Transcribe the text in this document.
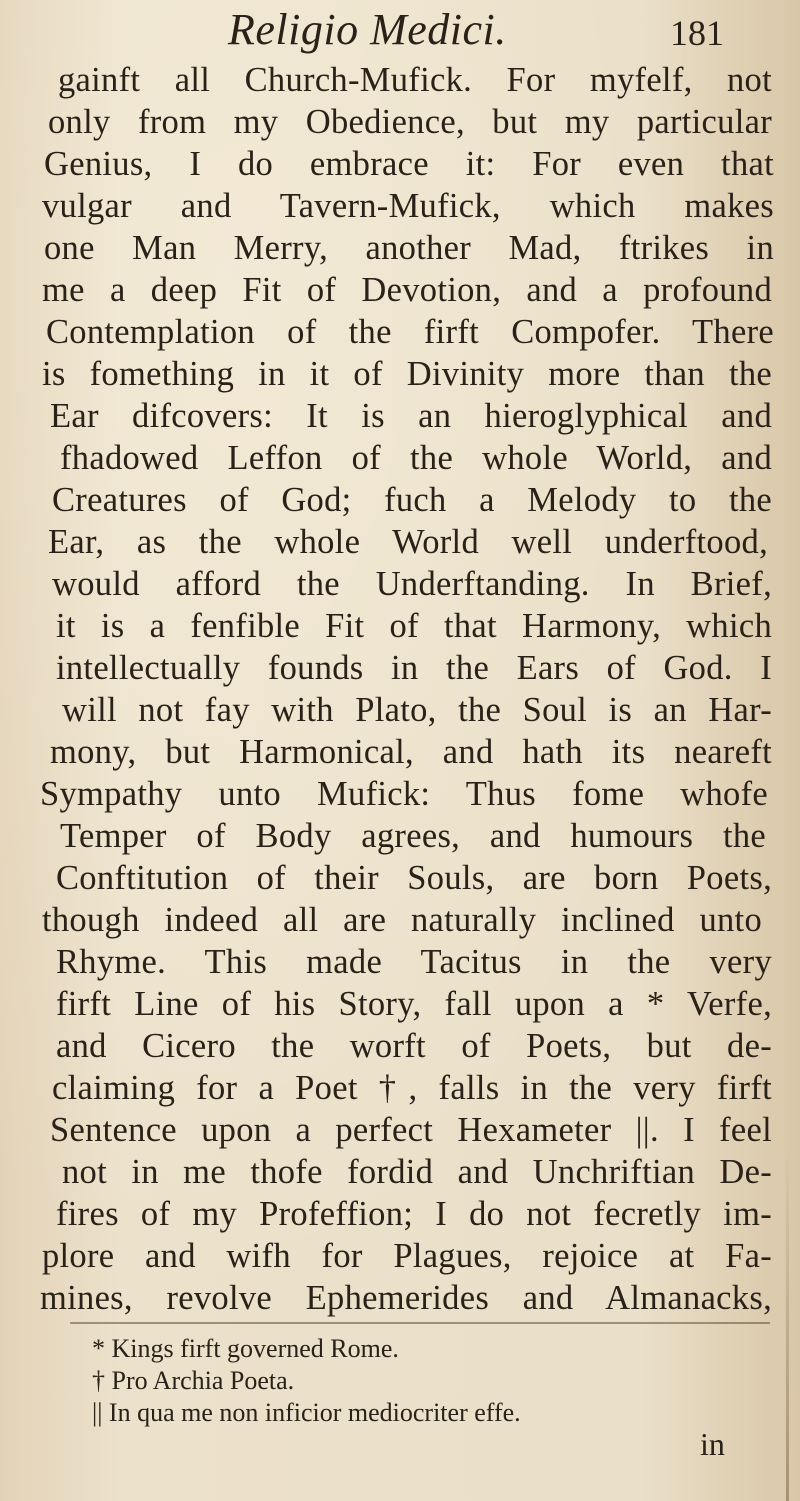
Religio Medici.	181
gainft all Church-Mufick. For myfelf, not
only from my Obedience, but my particular
Genius, I do embrace it: For even that
vulgar and Tavern-Mufick, which makes
one Man Merry, another Mad, ftrikes in
me a deep Fit of Devotion, and a profound
Contemplation of the firft Compofer. There
is fomething in it of Divinity more than the
Ear difcovers: It is an hieroglyphical and
fhadowed Leffon of the whole World, and
Creatures of God; fuch a Melody to the
Ear, as the whole World well underftood,
would afford the Underftanding. In Brief,
it is a fenfible Fit of that Harmony, which
intellectually founds in the Ears of God. I
will not fay with Plato, the Soul is an Har-
mony, but Harmonical, and hath its neareft
Sympathy unto Mufick: Thus fome whofe
Temper of Body agrees, and humours the
Conftitution of their Souls, are born Poets,
though indeed all are naturally inclined unto
Rhyme. This made Tacitus in the very
firft Line of his Story, fall upon a * Verfe,
and Cicero the worft of Poets, but de-
claiming for a Poet †, falls in the very firft
Sentence upon a perfect Hexameter ||. I feel
not in me thofe fordid and Unchriftian De-
fires of my Profeffion; I do not fecretly im-
plore and wifh for Plagues, rejoice at Fa-
mines, revolve Ephemerides and Almanacks,
* Kings firft governed Rome.
† Pro Archia Poeta.
|| In qua me non inficior mediocriter effe.
in
